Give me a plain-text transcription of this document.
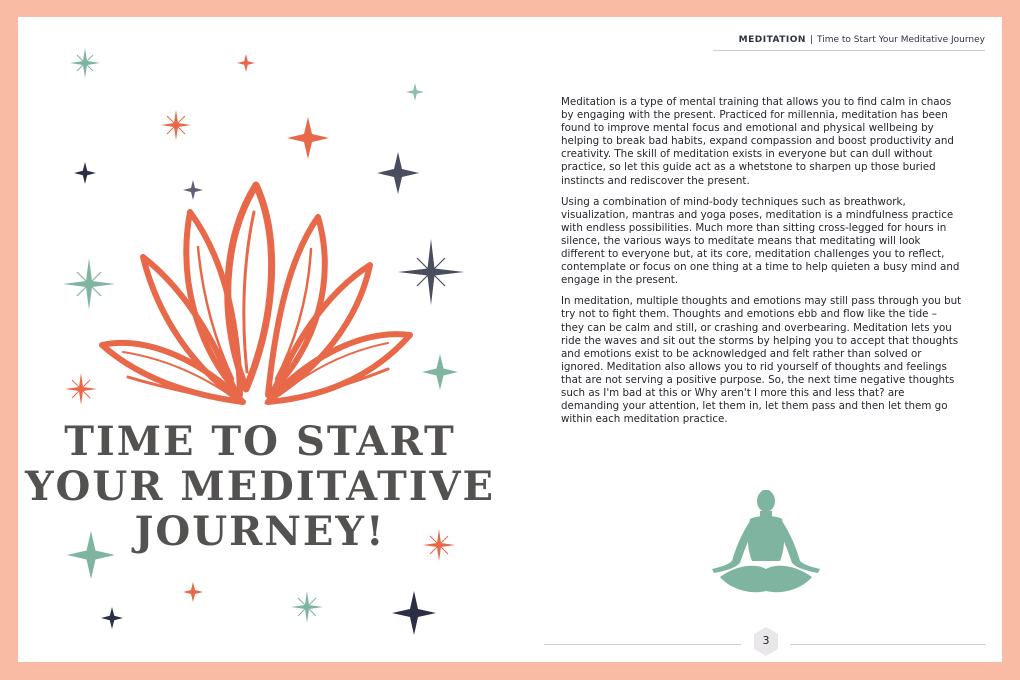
TIME TO START
YOUR MEDITATIVE
JOURNEY!
MEDITATION | Time to Start Your Meditative Journey

Meditation is a type of mental training that allows you to find calm in chaos by engaging with the present. Practiced for millennia, meditation has been found to improve mental focus and emotional and physical wellbeing by helping to break bad habits, expand compassion and boost productivity and creativity. The skill of meditation exists in everyone but can dull without practice, so let this guide act as a whetstone to sharpen up those buried instincts and rediscover the present.

Using a combination of mind-body techniques such as breathwork, visualization, mantras and yoga poses, meditation is a mindfulness practice with endless possibilities. Much more than sitting cross-legged for hours in silence, the various ways to meditate means that meditating will look different to everyone but, at its core, meditation challenges you to reflect, contemplate or focus on one thing at a time to help quieten a busy mind and engage in the present.

In meditation, multiple thoughts and emotions may still pass through you but try not to fight them. Thoughts and emotions ebb and flow like the tide – they can be calm and still, or crashing and overbearing. Meditation lets you ride the waves and sit out the storms by helping you to accept that thoughts and emotions exist to be acknowledged and felt rather than solved or ignored. Meditation also allows you to rid yourself of thoughts and feelings that are not serving a positive purpose. So, the next time negative thoughts such as I'm bad at this or Why aren't I more this and less that? are demanding your attention, let them in, let them pass and then let them go within each meditation practice.

3
